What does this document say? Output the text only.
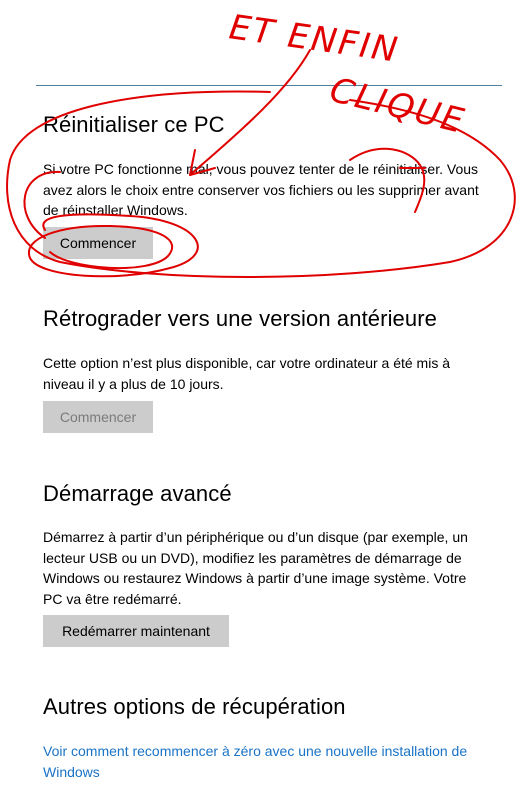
Réinitialiser ce PC

Si votre PC fonctionne mal, vous pouvez tenter de le réinitialiser. Vous avez alors le choix entre conserver vos fichiers ou les supprimer avant de réinstaller Windows.

Commencer
Rétrograder vers une version antérieure

Cette option n’est plus disponible, car votre ordinateur a été mis à niveau il y a plus de 10 jours.

Commencer
Démarrage avancé

Démarrez à partir d’un périphérique ou d’un disque (par exemple, un lecteur USB ou un DVD), modifiez les paramètres de démarrage de Windows ou restaurez Windows à partir d’une image système. Votre PC va être redémarré.

Redémarrer maintenant
Autres options de récupération
Voir comment recommencer à zéro avec une nouvelle installation de Windows
ET ENFIN
CLIQUE
